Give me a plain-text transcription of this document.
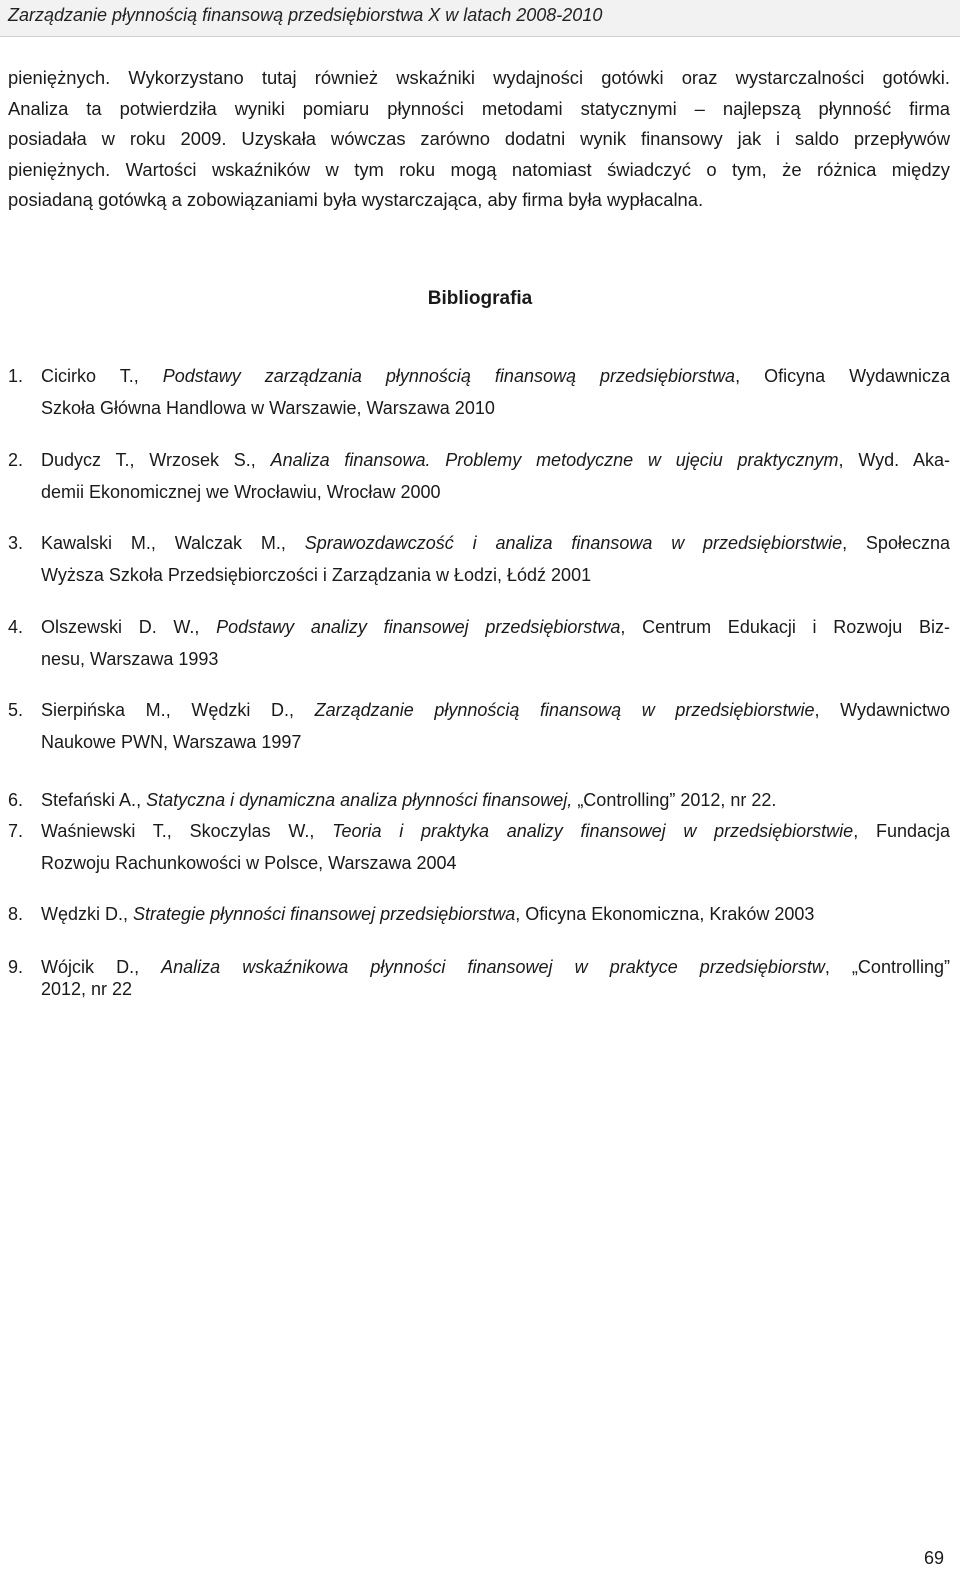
Zarządzanie płynnością finansową przedsiębiorstwa X w latach 2008-2010
pieniężnych. Wykorzystano tutaj również wskaźniki wydajności gotówki oraz wystarczalności gotówki.
Analiza ta potwierdziła wyniki pomiaru płynności metodami statycznymi – najlepszą płynność firma
posiadała w roku 2009. Uzyskała wówczas zarówno dodatni wynik finansowy jak i saldo przepływów
pieniężnych. Wartości wskaźników w tym roku mogą natomiast świadczyć o tym, że różnica między
posiadaną gotówką a zobowiązaniami była wystarczająca, aby firma była wypłacalna.
Bibliografia
1. Cicirko T., Podstawy zarządzania płynnością finansową przedsiębiorstwa, Oficyna Wydawnicza
Szkoła Główna Handlowa w Warszawie, Warszawa 2010
2. Dudycz T., Wrzosek S., Analiza finansowa. Problemy metodyczne w ujęciu praktycznym, Wyd. Aka-
demii Ekonomicznej we Wrocławiu, Wrocław 2000
3. Kawalski M., Walczak M., Sprawozdawczość i analiza finansowa w przedsiębiorstwie, Społeczna
Wyższa Szkoła Przedsiębiorczości i Zarządzania w Łodzi, Łódź 2001
4. Olszewski D. W., Podstawy analizy finansowej przedsiębiorstwa, Centrum Edukacji i Rozwoju Biz-
nesu, Warszawa 1993
5. Sierpińska M., Wędzki D., Zarządzanie płynnością finansową w przedsiębiorstwie, Wydawnictwo
Naukowe PWN, Warszawa 1997
6. Stefański A., Statyczna i dynamiczna analiza płynności finansowej, „Controlling” 2012, nr 22.
7. Waśniewski T., Skoczylas W., Teoria i praktyka analizy finansowej w przedsiębiorstwie, Fundacja
Rozwoju Rachunkowości w Polsce, Warszawa 2004
8. Wędzki D., Strategie płynności finansowej przedsiębiorstwa, Oficyna Ekonomiczna, Kraków 2003
9. Wójcik D., Analiza wskaźnikowa płynności finansowej w praktyce przedsiębiorstw, „Controlling”
2012, nr 22
69
